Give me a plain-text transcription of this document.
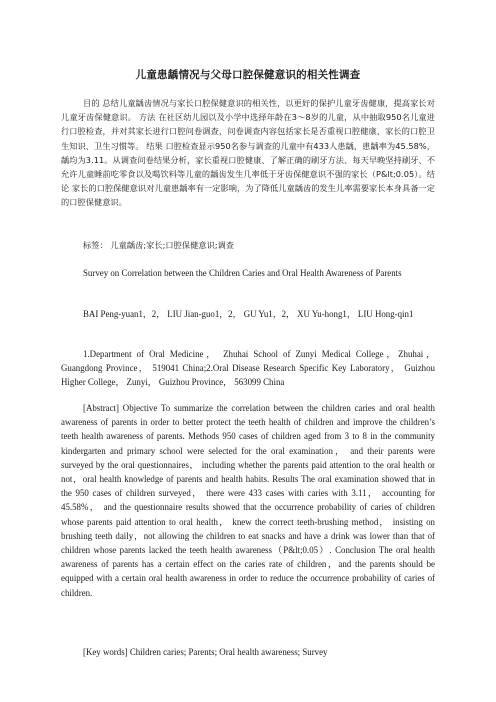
儿童患龋情况与父母口腔保健意识的相关性调查

目的 总结儿童龋齿情况与家长口腔保健意识的相关性，以更好的保护儿童牙齿健康，提高家长对儿童牙齿保健意识。 方法 在社区幼儿园以及小学中选择年龄在3～8岁的儿童，从中抽取950名儿童进行口腔检查，并对其家长进行口腔问卷调查，问卷调查内容包括家长是否重视口腔健康、家长的口腔卫生知识、卫生习惯等。 结果 口腔检查显示950名参与调查的儿童中有433人患龋，患龋率为45.58%，龋均为3.11。从调查问卷结果分析，家长重视口腔健康、了解正确的刷牙方法、每天早晚坚持刷牙、不允许儿童睡前吃零食以及喝饮料等儿童的龋齿发生几率低于牙齿保健意识不强的家长（P&lt;0.05）。结论 家长的口腔保健意识对儿童患龋率有一定影响，为了降低儿童龋齿的发生儿率需要家长本身具备一定的口腔保健意识。

标签： 儿童龋齿;家长;口腔保健意识;调查

Survey on Correlation between the Children Caries and Oral Health Awareness of Parents

BAI Peng-yuan1，2， LIU Jian-guo1，2， GU Yu1，2， XU Yu-hong1， LIU Hong-qin1

1.Department of Oral Medicine， Zhuhai School of Zunyi Medical College，Zhuhai， Guangdong Province， 519041 China;2.Oral Disease Research Specific Key Laboratory， Guizhou Higher College， Zunyi， Guizhou Province， 563099 China

[Abstract] Objective To summarize the correlation between the children caries and oral health awareness of parents in order to better protect the teeth health of children and improve the children’s teeth health awareness of parents. Methods 950 cases of children aged from 3 to 8 in the community kindergarten and primary school were selected for the oral examination， and their parents were surveyed by the oral questionnaires， including whether the parents paid attention to the oral health or not，oral health knowledge of parents and health habits. Results The oral examination showed that in the 950 cases of children surveyed， there were 433 cases with caries with 3.11， accounting for 45.58%， and the questionnaire results showed that the occurrence probability of caries of children whose parents paid attention to oral health， knew the correct teeth-brushing method， insisting on brushing teeth daily，not allowing the children to eat snacks and have a drink was lower than that of children whose parents lacked the teeth health awareness（P&lt;0.05）. Conclusion The oral health awareness of parents has a certain effect on the caries rate of children，and the parents should be equipped with a certain oral health awareness in order to reduce the occurrence probability of caries of children.

[Key words] Children caries; Parents; Oral health awareness; Survey
